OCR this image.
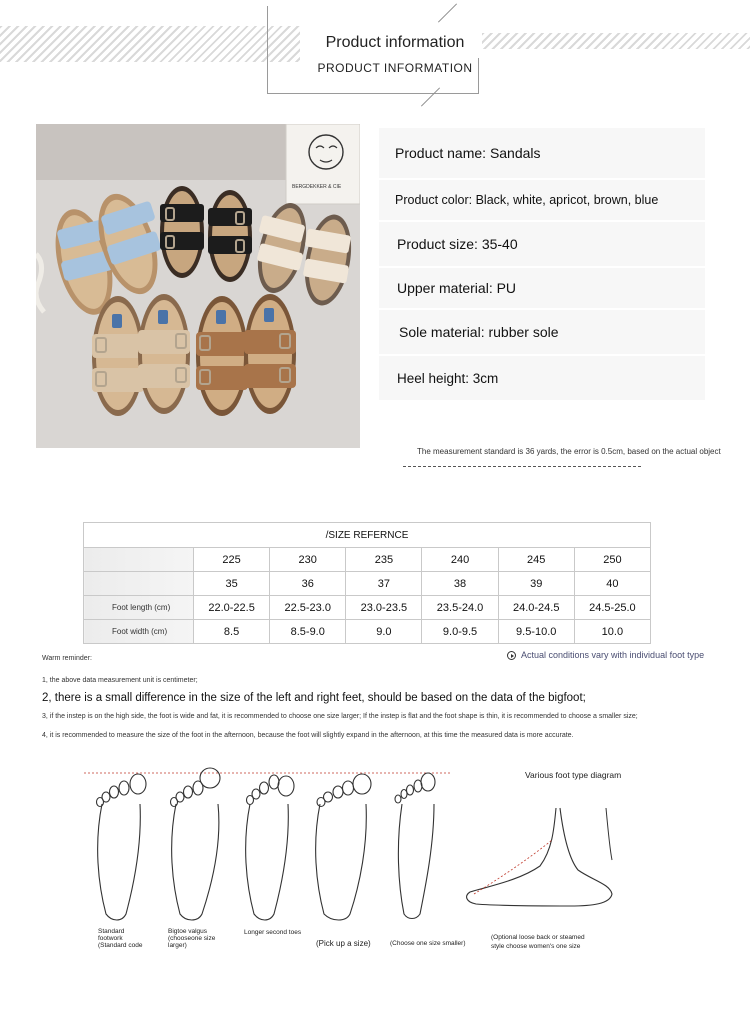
Product information
PRODUCT INFORMATION
BERGDEKKER & CIE
Product name: Sandals
Product color: Black, white, apricot, brown, blue
Product size: 35-40
Upper material: PU
Sole material: rubber sole
Heel height: 3cm
The measurement standard is 36 yards, the error is 0.5cm, based on the actual object
/SIZE REFERNCE						
	225	230	235	240	245	250
	35	36	37	38	39	40
Foot length (cm)	22.0-22.5	22.5-23.0	23.0-23.5	23.5-24.0	24.0-24.5	24.5-25.0
Foot width (cm)	8.5	8.5-9.0	9.0	9.0-9.5	9.5-10.0	10.0
Warm reminder:	Actual conditions vary with individual foot type
1, the above data measurement unit is centimeter;
2, there is a small difference in the size of the left and right feet, should be based on the data of the bigfoot;
3, if the instep is on the high side, the foot is wide and fat, it is recommended to choose one size larger; If the instep is flat and the foot shape is thin, it is recommended to choose a smaller size;
4, it is recommended to measure the size of the foot in the afternoon, because the foot will slightly expand in the afternoon, at this time the measured data is more accurate.
Standard
footwork
(Standard code
Bigtoe valgus
(chooseone size
larger)
Longer second toes
(Pick up a size)	(Choose one size smaller)
Various foot type diagram
(Optional loose back or steamed
style choose women's one size
